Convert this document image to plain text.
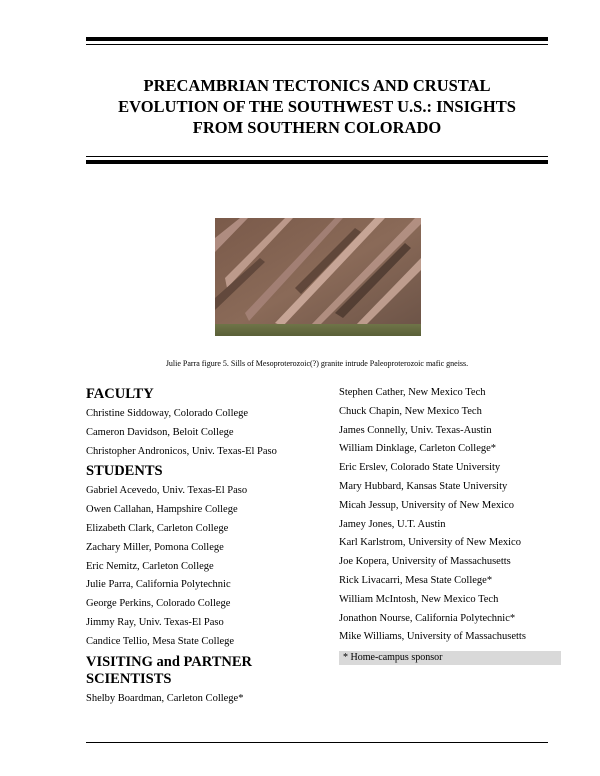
PRECAMBRIAN TECTONICS AND CRUSTAL
EVOLUTION OF THE SOUTHWEST U.S.: INSIGHTS
FROM SOUTHERN COLORADO
Julie Parra figure 5. Sills of Mesoproterozoic(?) granite intrude Paleoproterozoic mafic gneiss.
FACULTY
Christine Siddoway, Colorado College
Cameron Davidson, Beloit College
Christopher Andronicos, Univ. Texas-El Paso
STUDENTS
Gabriel Acevedo, Univ. Texas-El Paso
Owen Callahan, Hampshire College
Elizabeth Clark, Carleton College
Zachary Miller, Pomona College
Eric Nemitz, Carleton College
Julie Parra, California Polytechnic
George Perkins, Colorado College
Jimmy Ray, Univ. Texas-El Paso
Candice Tellio, Mesa State College
VISITING and PARTNER
SCIENTISTS
Shelby Boardman, Carleton College*
Stephen Cather, New Mexico Tech
Chuck Chapin, New Mexico Tech
James Connelly, Univ. Texas-Austin
William Dinklage, Carleton College*
Eric Erslev, Colorado State University
Mary Hubbard, Kansas State University
Micah Jessup, University of New Mexico
Jamey Jones, U.T. Austin
Karl Karlstrom, University of New Mexico
Joe Kopera, University of Massachusetts
Rick Livacarri, Mesa State College*
William McIntosh, New Mexico Tech
Jonathon Nourse, California Polytechnic*
Mike Williams, University of Massachusetts
* Home-campus sponsor
